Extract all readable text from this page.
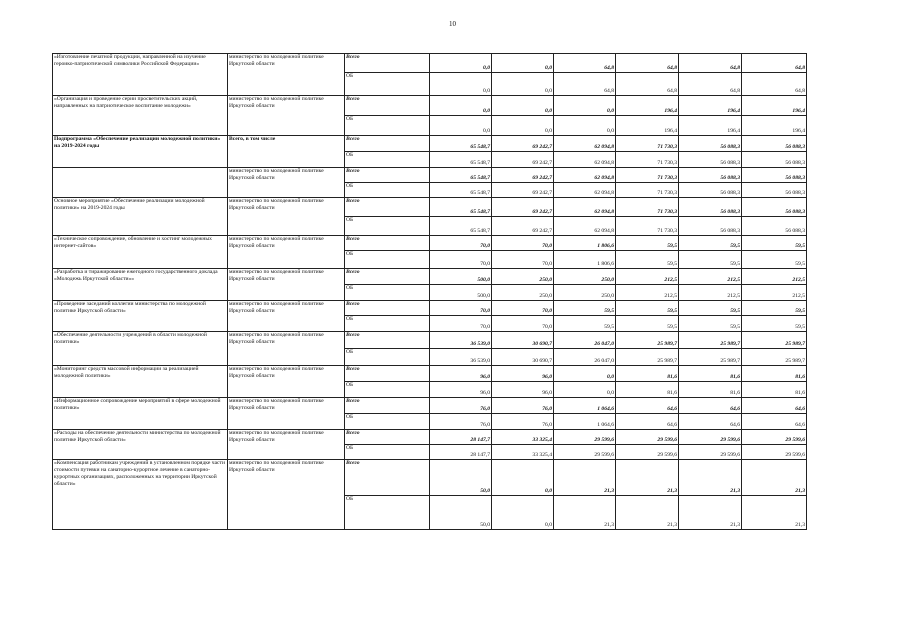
10
«Изготовление печатной продукции, направленной на изучение героико-патриотической символики Российской Федерации»	министерство по молодежной политике Иркутской области	Всего	0,0	0,0	64,8	64,8	64,8	64,8
		ОБ	0,0	0,0	64,8	64,8	64,8	64,8
«Организация и проведение серии просветительских акций, направленных на патриотическое воспитание молодежи»	министерство по молодежной политике Иркутской области	Всего	0,0	0,0	0,0	196,4	196,4	196,4
		ОБ	0,0	0,0	0,0	196,4	196,4	196,4
Подпрограмма «Обеспечение реализации молодежной политики» на 2019-2024 годы	Всего, в том числе	Всего	65 548,7	69 242,7	62 094,8	71 730,3	56 088,3	56 088,3
		ОБ	65 548,7	69 242,7	62 094,8	71 730,3	56 088,3	56 088,3
	министерство по молодежной политике Иркутской области	Всего	65 548,7	69 242,7	62 094,8	71 730,3	56 088,3	56 088,3
		ОБ	65 548,7	69 242,7	62 094,8	71 730,3	56 088,3	56 088,3
Основное мероприятие «Обеспечение реализации молодежной политики» на 2019-2024 годы	министерство по молодежной политике Иркутской области	Всего	65 548,7	69 242,7	62 094,8	71 730,3	56 088,3	56 088,3
		ОБ	65 548,7	69 242,7	62 094,8	71 730,3	56 088,3	56 088,3
«Техническое сопровождение, обновление и хостинг молодежных интернет-сайтов»	министерство по молодежной политике Иркутской области	Всего	70,0	70,0	1 806,6	59,5	59,5	59,5
		ОБ	70,0	70,0	1 806,6	59,5	59,5	59,5
«Разработка и тиражирование ежегодного государственного доклада «Молодежь Иркутской области»»	министерство по молодежной политике Иркутской области	Всего	500,0	250,0	250,0	212,5	212,5	212,5
		ОБ	500,0	250,0	250,0	212,5	212,5	212,5
«Проведение заседаний коллегии министерства по молодежной политике Иркутской области»	министерство по молодежной политике Иркутской области	Всего	70,0	70,0	59,5	59,5	59,5	59,5
		ОБ	70,0	70,0	59,5	59,5	59,5	59,5
«Обеспечение деятельности учреждений в области молодежной политики»	министерство по молодежной политике Иркутской области	Всего	36 539,0	30 690,7	26 047,0	25 989,7	25 989,7	25 989,7
		ОБ	36 539,0	30 690,7	26 047,0	25 989,7	25 989,7	25 989,7
«Мониторинг средств массовой информации за реализацией молодежной политики»	министерство по молодежной политике Иркутской области	Всего	96,0	96,0	0,0	81,6	81,6	81,6
		ОБ	96,0	96,0	0,0	81,6	81,6	81,6
«Информационное сопровождение мероприятий в сфере молодежной политики»	министерство по молодежной политике Иркутской области	Всего	76,0	76,0	1 064,6	64,6	64,6	64,6
		ОБ	76,0	76,0	1 064,6	64,6	64,6	64,6
«Расходы на обеспечение деятельности министерства по молодежной политике Иркутской области»	министерство по молодежной политике Иркутской области	Всего	28 147,7	33 325,4	29 599,6	29 599,6	29 599,6	29 599,6
		ОБ	28 147,7	33 325,4	29 599,6	29 599,6	29 599,6	29 599,6
«Компенсация работникам учреждений в установленном порядке части стоимости путевки на санаторно-курортное лечение в санаторно-курортных организациях, расположенных на территории Иркутской области»	министерство по молодежной политике Иркутской области	Всего	50,0	0,0	21,3	21,3	21,3	21,3
		ОБ	50,0	0,0	21,3	21,3	21,3	21,3
